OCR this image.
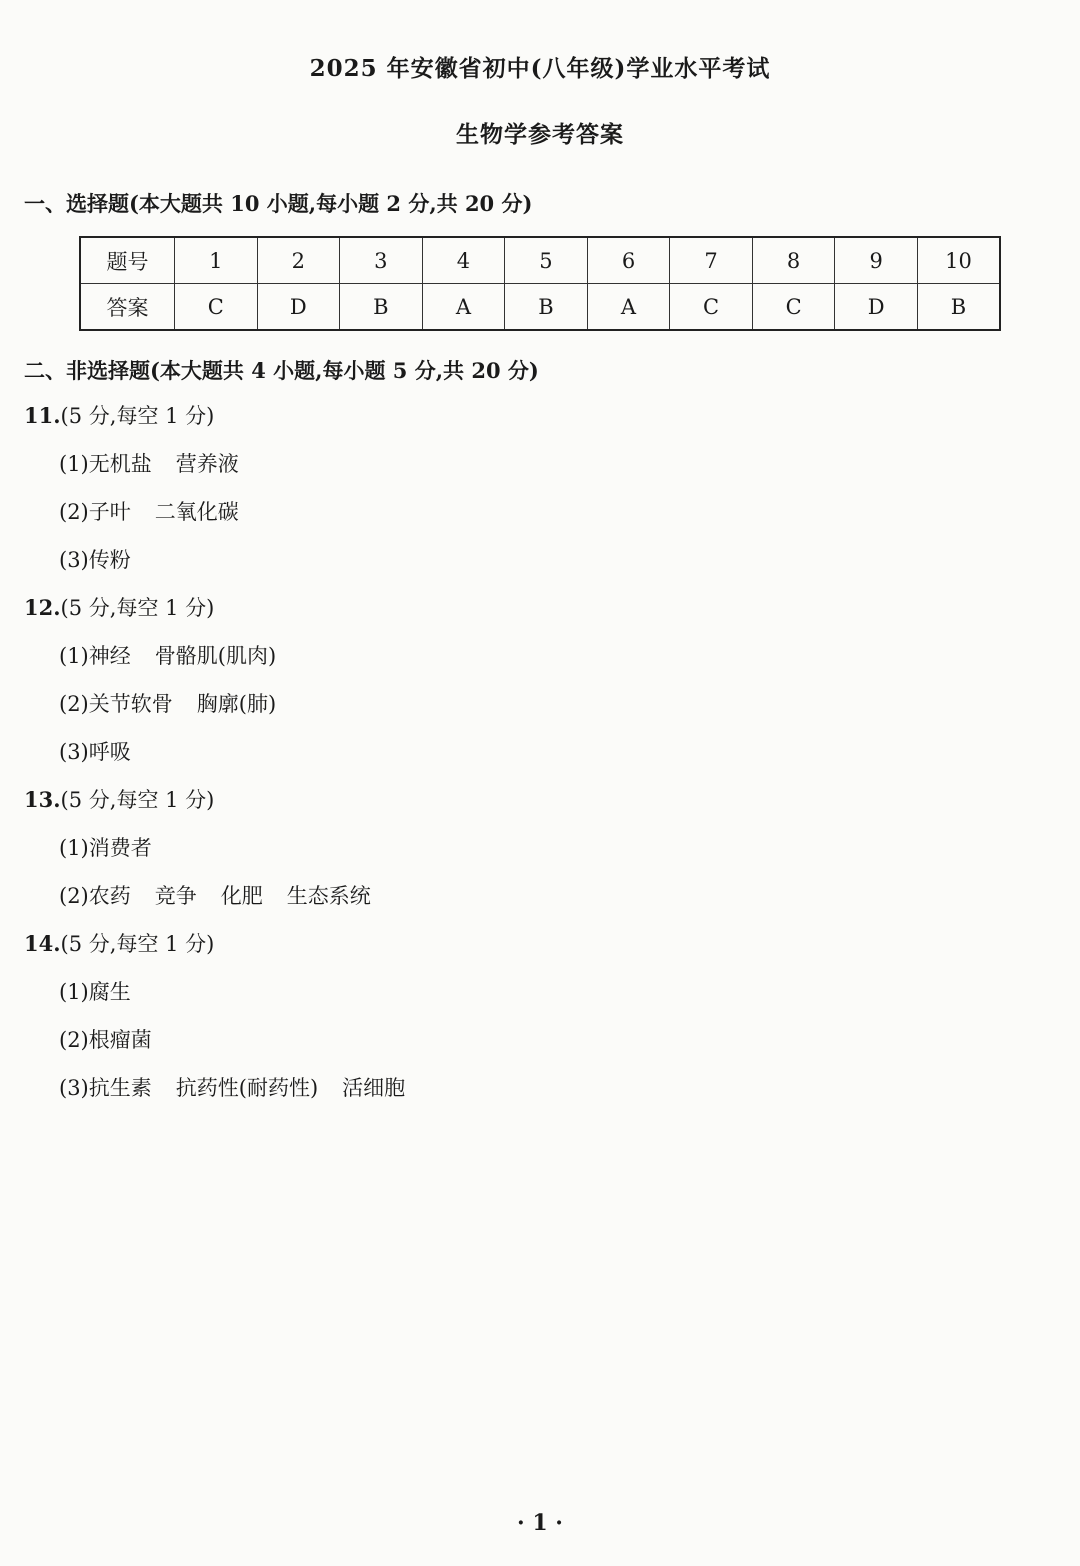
2025 年安徽省初中(八年级)学业水平考试
生物学参考答案
一、选择题(本大题共 10 小题,每小题 2 分,共 20 分)
题号	1	2	3	4	5	6	7	8	9	10
答案	C	D	B	A	B	A	C	C	D	B
二、非选择题(本大题共 4 小题,每小题 5 分,共 20 分)
11.(5 分,每空 1 分)
(1)无机盐 营养液
(2)子叶 二氧化碳
(3)传粉
12.(5 分,每空 1 分)
(1)神经 骨骼肌(肌肉)
(2)关节软骨 胸廓(肺)
(3)呼吸
13.(5 分,每空 1 分)
(1)消费者
(2)农药 竞争 化肥 生态系统
14.(5 分,每空 1 分)
(1)腐生
(2)根瘤菌
(3)抗生素 抗药性(耐药性) 活细胞
· 1 ·
